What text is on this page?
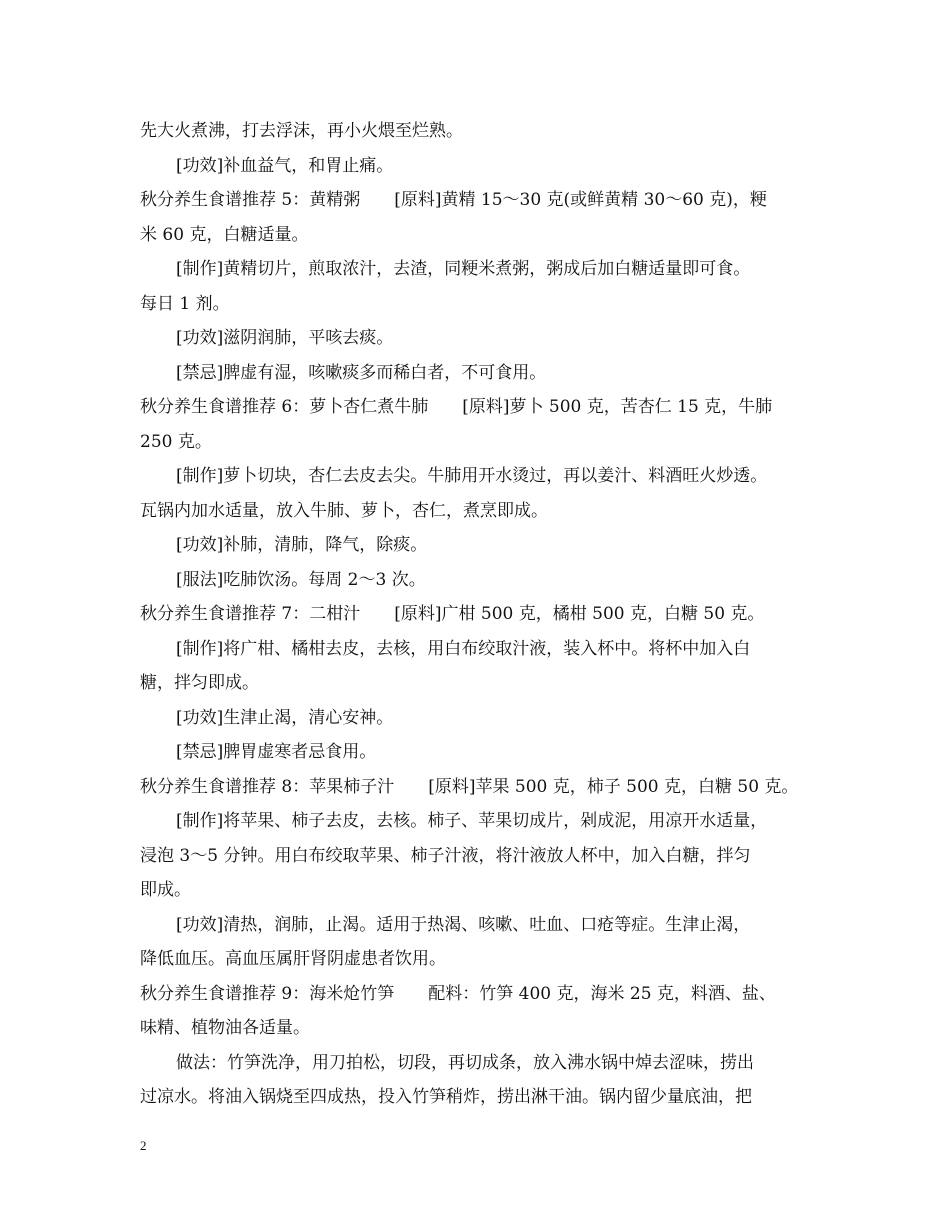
先大火煮沸，打去浮沫，再小火煨至烂熟。
[功效]补血益气，和胃止痛。
秋分养生食谱推荐 5：黄精粥　　[原料]黄精 15～30 克(或鲜黄精 30～60 克)，粳
米 60 克，白糖适量。
[制作]黄精切片，煎取浓汁，去渣，同粳米煮粥，粥成后加白糖适量即可食。
每日 1 剂。
[功效]滋阴润肺，平咳去痰。
[禁忌]脾虚有湿，咳嗽痰多而稀白者，不可食用。
秋分养生食谱推荐 6：萝卜杏仁煮牛肺　　[原料]萝卜 500 克，苦杏仁 15 克，牛肺
250 克。
[制作]萝卜切块，杏仁去皮去尖。牛肺用开水烫过，再以姜汁、料酒旺火炒透。
瓦锅内加水适量，放入牛肺、萝卜，杏仁，煮烹即成。
[功效]补肺，清肺，降气，除痰。
[服法]吃肺饮汤。每周 2～3 次。
秋分养生食谱推荐 7：二柑汁　　[原料]广柑 500 克，橘柑 500 克，白糖 50 克。
[制作]将广柑、橘柑去皮，去核，用白布绞取汁液，装入杯中。将杯中加入白
糖，拌匀即成。
[功效]生津止渴，清心安神。
[禁忌]脾胃虚寒者忌食用。
秋分养生食谱推荐 8：苹果柿子汁　　[原料]苹果 500 克，柿子 500 克，白糖 50 克。
[制作]将苹果、柿子去皮，去核。柿子、苹果切成片，剁成泥，用凉开水适量，
浸泡 3～5 分钟。用白布绞取苹果、柿子汁液，将汁液放人杯中，加入白糖，拌匀
即成。
[功效]清热，润肺，止渴。适用于热渴、咳嗽、吐血、口疮等症。生津止渴，
降低血压。高血压属肝肾阴虚患者饮用。
秋分养生食谱推荐 9：海米炝竹笋　　配料：竹笋 400 克，海米 25 克，料酒、盐、
味精、植物油各适量。
做法：竹笋洗净，用刀拍松，切段，再切成条，放入沸水锅中焯去涩味，捞出
过凉水。将油入锅烧至四成热，投入竹笋稍炸，捞出淋干油。锅内留少量底油，把
2
